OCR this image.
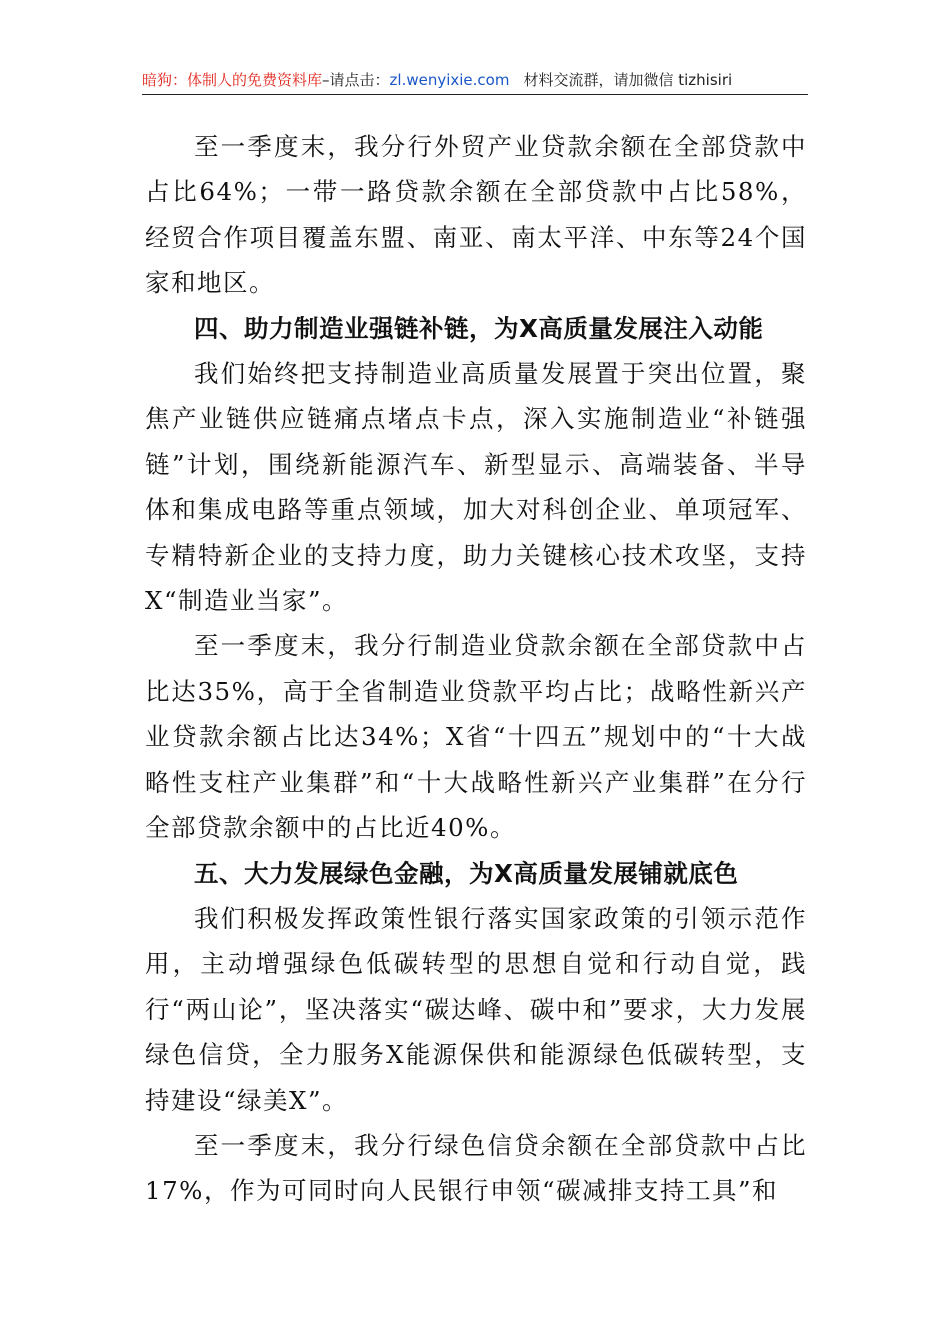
暗狗：体制人的免费资料库–请点击：zl.wenyixie.com 材料交流群，请加微信 tizhisiri

至一季度末，我分行外贸产业贷款余额在全部贷款中占比64%；一带一路贷款余额在全部贷款中占比58%，经贸合作项目覆盖东盟、南亚、南太平洋、中东等24个国家和地区。

四、助力制造业强链补链，为X高质量发展注入动能

我们始终把支持制造业高质量发展置于突出位置，聚焦产业链供应链痛点堵点卡点，深入实施制造业“补链强链”计划，围绕新能源汽车、新型显示、高端装备、半导体和集成电路等重点领域，加大对科创企业、单项冠军、专精特新企业的支持力度，助力关键核心技术攻坚，支持X“制造业当家”。

至一季度末，我分行制造业贷款余额在全部贷款中占比达35%，高于全省制造业贷款平均占比；战略性新兴产业贷款余额占比达34%；X省“十四五”规划中的“十大战略性支柱产业集群”和“十大战略性新兴产业集群”在分行全部贷款余额中的占比近40%。

五、大力发展绿色金融，为X高质量发展铺就底色

我们积极发挥政策性银行落实国家政策的引领示范作用，主动增强绿色低碳转型的思想自觉和行动自觉，践行“两山论”，坚决落实“碳达峰、碳中和”要求，大力发展绿色信贷，全力服务X能源保供和能源绿色低碳转型，支持建设“绿美X”。

至一季度末，我分行绿色信贷余额在全部贷款中占比17%，作为可同时向人民银行申领“碳减排支持工具”和
